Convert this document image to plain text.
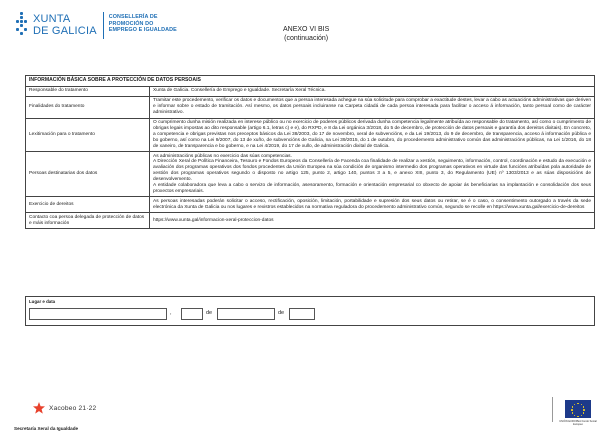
XUNTA
DE GALICIA
CONSELLERÍA DE
PROMOCIÓN DO
EMPREGO E IGUALDADE	ANEXO VI BIS
(continuación)
INFORMACIÓN BÁSICA SOBRE A PROTECCIÓN DE DATOS PERSOAIS	
Responsable do tratamento	Xunta de Galicia. Consellería de Emprego e Igualdade. Secretaría Xeral Técnica.
Finalidades do tratamento	Tramitar este procedemento, verificar os datos e documentos que a persoa interesada achegue na súa solicitude para comprobar a exactitude destes, levar a cabo as actuacións administrativas que deriven e informar sobre o estado de tramitación. Así mesmo, os datos persoais incluiranse na Carpeta cidadá de cada persoa interesada para facilitar o acceso á información, tanto persoal como de carácter administrativo.
Lexitimación para o tratamento	O cumprimento dunha misión realizada en interese público ou no exercicio de poderes públicos derivada dunha competencia legalmente atribuída ao responsable do tratamento, así como o cumprimento de obrigas legais impostas ao dito responsable (artigo 6.1, letras c) e e), do RXPD, e 8 da Lei orgánica 3/2018, do 5 de decembro, de protección de datos persoais e garantía dos dereitos dixitais). En concreto, a competencia e obrigas previstas nos preceptos básicos da Lei 38/2003, do 17 de novembro, xeral de subvencións, e da Lei 19/2013, do 9 de decembro, de transparencia, acceso á información pública e bo goberno, así como na Lei 9/2007, do 13 de xuño, de subvencións de Galicia, na Lei 39/2015, do 1 de outubro, do procedemento administrativo común das administracións públicas, na Lei 1/2016, do 18 de xaneiro, de transparencia e bo goberno, e na Lei 4/2019, do 17 de xullo, de administración dixital de Galicia.
Persoas destinatarias dos datos	As administracións públicas no exercicio das súas competencias.
A Dirección Xeral de Política Financeira, Tesouro e Fondos Europeos da Consellería de Facenda coa finalidade de realizar a xestión, seguimento, información, control, coordinación e estudo da execución e avaliación dos programas operativos dos fondos procedentes da Unión Europea na súa condición de organismo intermedio dos programas operativos en virtude das funcións atribuídas pola autoridade de xestión dos programas operativos segundo o disposto no artigo 125, punto 2, artigo 140, puntos 3 a 5, e anexo XIII, punto 3, do Regulamento (UE) nº 1303/2013 e as súas disposicións de desenvolvemento.
A entidade colaboradora que leva a cabo o servizo de información, asesoramento, formación e orientación empresarial co obxecto de apoiar ás beneficiarias na implantación e consolidación dos seus proxectos empresariais.
Exercicio de dereitos	As persoas interesadas poderán solicitar o acceso, rectificación, oposición, limitación, portabilidade e supresión dos seus datos ou retirar, se é o caso, o consentimento outorgado a través da sede electrónica da Xunta de Galicia ou nos lugares e rexistros establecidos na normativa reguladora do procedemento administrativo común, segundo se recolle en https://www.xunta.gal/exercicio-de-dereitos
Contacto coa persoa delegada de protección de datos e máis información	https://www.xunta.gal/informacion-xeral-proteccion-datos
Lugar e data
,	de	de
Xacobeo 21·22
Secretaría Xeral da Igualdade
UNIÓN EUROPEA Fondo Social Europeo
